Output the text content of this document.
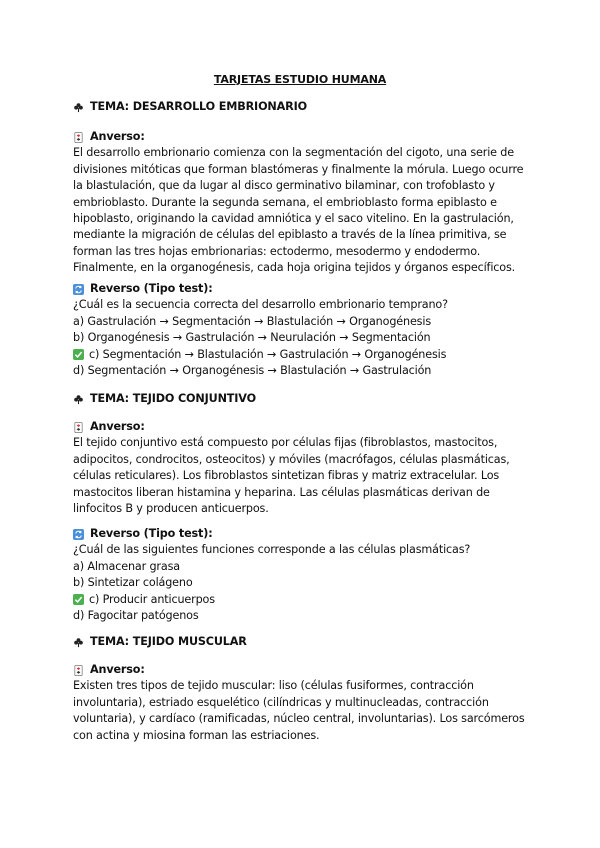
TARJETAS ESTUDIO HUMANA
TEMA: DESARROLLO EMBRIONARIO
Anverso:

El desarrollo embrionario comienza con la segmentación del cigoto, una serie de divisiones mitóticas que forman blastómeras y finalmente la mórula. Luego ocurre la blastulación, que da lugar al disco germinativo bilaminar, con trofoblasto y embrioblasto. Durante la segunda semana, el embrioblasto forma epiblasto e hipoblasto, originando la cavidad amniótica y el saco vitelino. En la gastrulación, mediante la migración de células del epiblasto a través de la línea primitiva, se forman las tres hojas embrionarias: ectodermo, mesodermo y endodermo. Finalmente, en la organogénesis, cada hoja origina tejidos y órganos específicos.

Reverso (Tipo test):
¿Cuál es la secuencia correcta del desarrollo embrionario temprano?
a) Gastrulación → Segmentación → Blastulación → Organogénesis
b) Organogénesis → Gastrulación → Neurulación → Segmentación
c) Segmentación → Blastulación → Gastrulación → Organogénesis
d) Segmentación → Organogénesis → Blastulación → Gastrulación
TEMA: TEJIDO CONJUNTIVO
Anverso:

El tejido conjuntivo está compuesto por células fijas (fibroblastos, mastocitos, adipocitos, condrocitos, osteocitos) y móviles (macrófagos, células plasmáticas, células reticulares). Los fibroblastos sintetizan fibras y matriz extracelular. Los mastocitos liberan histamina y heparina. Las células plasmáticas derivan de linfocitos B y producen anticuerpos.

Reverso (Tipo test):
¿Cuál de las siguientes funciones corresponde a las células plasmáticas?
a) Almacenar grasa
b) Sintetizar colágeno
c) Producir anticuerpos
d) Fagocitar patógenos
TEMA: TEJIDO MUSCULAR
Anverso:

Existen tres tipos de tejido muscular: liso (células fusiformes, contracción involuntaria), estriado esquelético (cilíndricas y multinucleadas, contracción voluntaria), y cardíaco (ramificadas, núcleo central, involuntarias). Los sarcómeros con actina y miosina forman las estriaciones.
